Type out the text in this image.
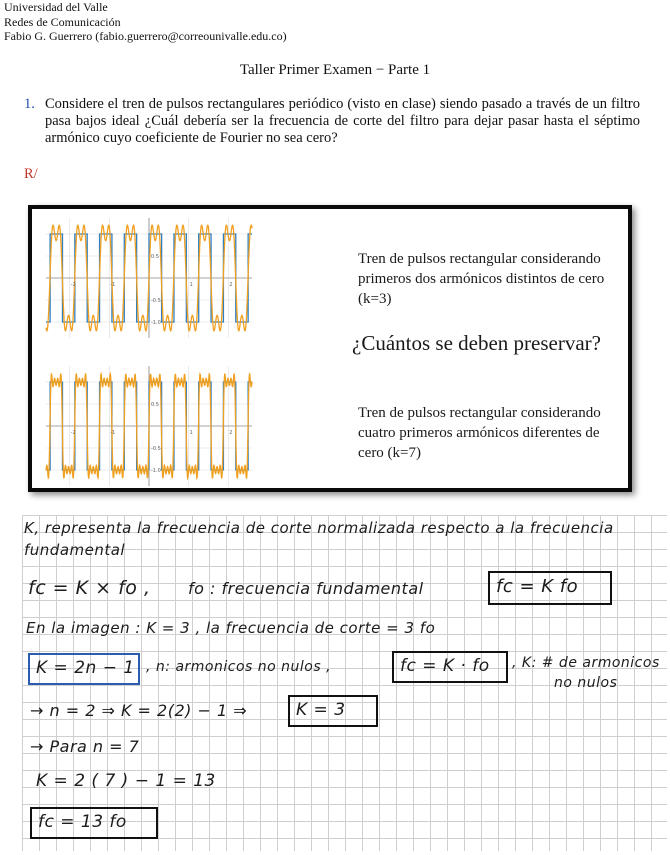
Universidad del Valle
Redes de Comunicación
Fabio G. Guerrero (fabio.guerrero@correounivalle.edu.co)
Taller Primer Examen − Parte 1
1. Considere el tren de pulsos rectangulares periódico (visto en clase) siendo pasado a través de un filtro pasa bajos ideal ¿Cuál debería ser la frecuencia de corte del filtro para dejar pasar hasta el séptimo armónico cuyo coeficiente de Fourier no sea cero?
R/
-2	-1	1	2
0.5
-0.5
-1.0
-2	-1	1	2
0.5
-0.5
-1.0
Tren de pulsos rectangular considerando primeros dos armónicos distintos de cero (k=3)
¿Cuántos se deben preservar?
Tren de pulsos rectangular considerando cuatro primeros armónicos diferentes de cero (k=7)
K, representa la frecuencia de corte normalizada respecto a la frecuencia
fundamental
fc = K × fo , fo : frecuencia fundamental	fc = K fo
En la imagen : K = 3 , la frecuencia de corte = 3 fo
K = 2n − 1 , n: armonicos no nulos ,	fc = K · fo , K: # de armonicos
no nulos
→ n = 2 ⇒ K = 2(2) − 1 ⇒	K = 3
→ Para n = 7
K = 2 ( 7 ) − 1 = 13
fc = 13 fo
